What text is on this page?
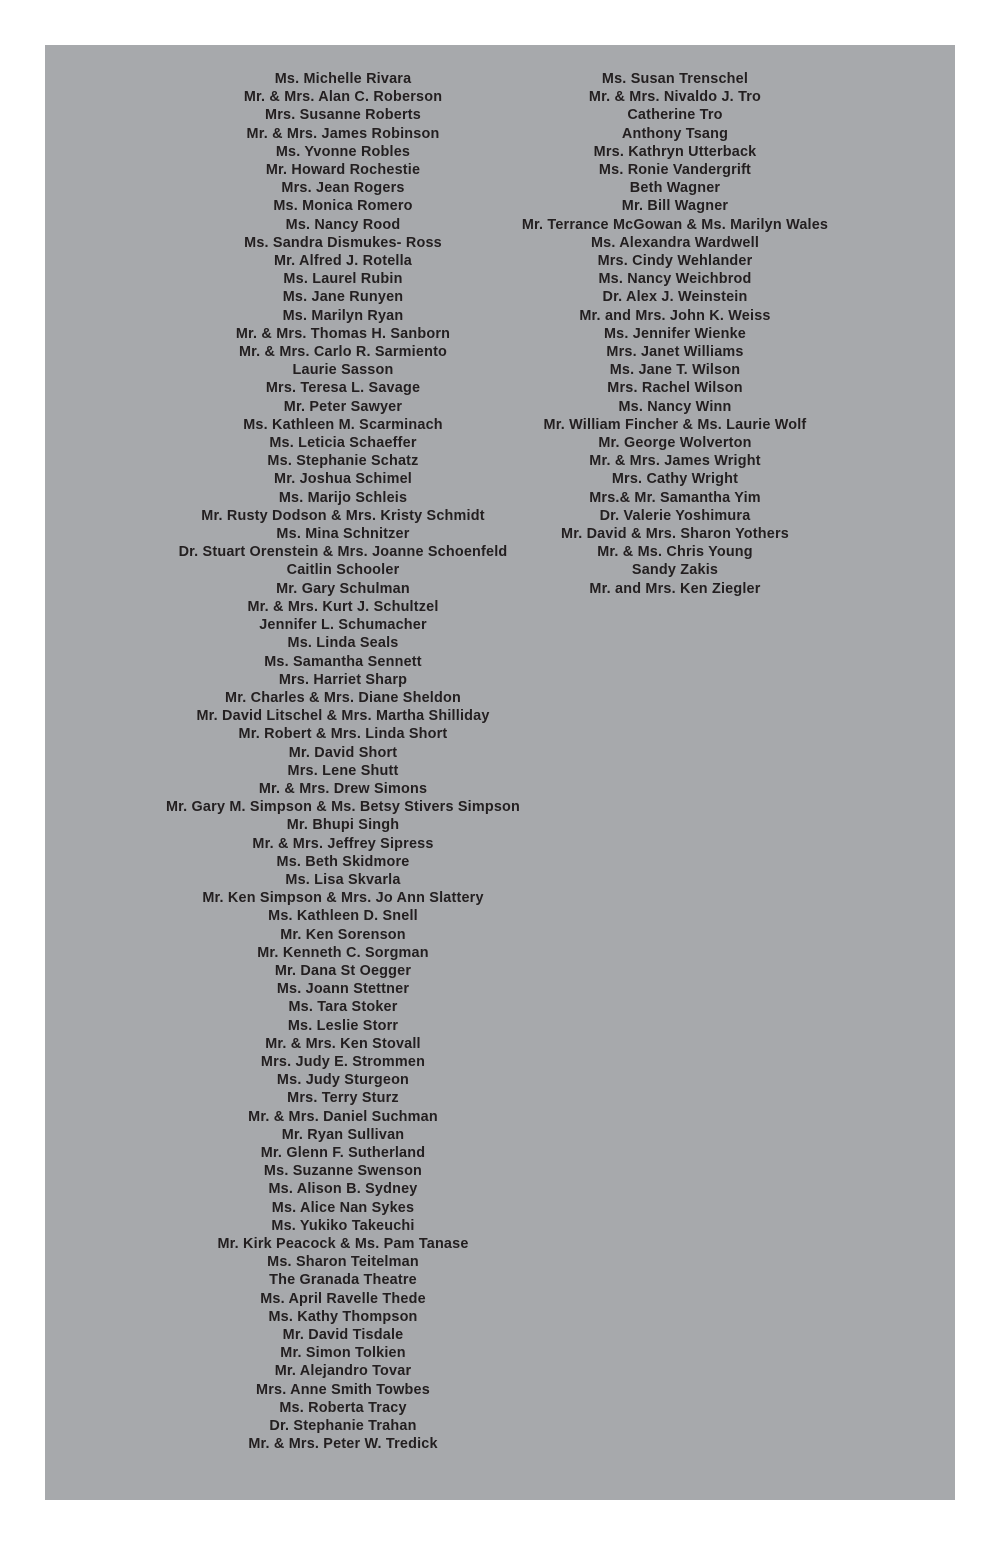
Ms. Michelle Rivara
Mr. & Mrs. Alan C. Roberson
Mrs. Susanne Roberts
Mr. & Mrs. James Robinson
Ms. Yvonne Robles
Mr. Howard Rochestie
Mrs. Jean Rogers
Ms. Monica Romero
Ms. Nancy Rood
Ms. Sandra Dismukes- Ross
Mr. Alfred J. Rotella
Ms. Laurel Rubin
Ms. Jane Runyen
Ms. Marilyn Ryan
Mr. & Mrs. Thomas H. Sanborn
Mr. & Mrs. Carlo R. Sarmiento
Laurie Sasson
Mrs. Teresa L. Savage
Mr. Peter Sawyer
Ms. Kathleen M. Scarminach
Ms. Leticia Schaeffer
Ms. Stephanie Schatz
Mr. Joshua Schimel
Ms. Marijo Schleis
Mr. Rusty Dodson & Mrs. Kristy Schmidt
Ms. Mina Schnitzer
Dr. Stuart Orenstein & Mrs. Joanne Schoenfeld
Caitlin Schooler
Mr. Gary Schulman
Mr. & Mrs. Kurt J. Schultzel
Jennifer L. Schumacher
Ms. Linda Seals
Ms. Samantha Sennett
Mrs. Harriet Sharp
Mr. Charles & Mrs. Diane Sheldon
Mr. David Litschel & Mrs. Martha Shilliday
Mr. Robert & Mrs. Linda Short
Mr. David Short
Mrs. Lene Shutt
Mr. & Mrs. Drew Simons
Mr. Gary M. Simpson & Ms. Betsy Stivers Simpson
Mr. Bhupi Singh
Mr. & Mrs. Jeffrey Sipress
Ms. Beth Skidmore
Ms. Lisa Skvarla
Mr. Ken Simpson & Mrs. Jo Ann Slattery
Ms. Kathleen D. Snell
Mr. Ken Sorenson
Mr. Kenneth C. Sorgman
Mr. Dana St Oegger
Ms. Joann Stettner
Ms. Tara Stoker
Ms. Leslie Storr
Mr. & Mrs. Ken Stovall
Mrs. Judy E. Strommen
Ms. Judy Sturgeon
Mrs. Terry Sturz
Mr. & Mrs. Daniel Suchman
Mr. Ryan Sullivan
Mr. Glenn F. Sutherland
Ms. Suzanne Swenson
Ms. Alison B. Sydney
Ms. Alice Nan Sykes
Ms. Yukiko Takeuchi
Mr. Kirk Peacock & Ms. Pam Tanase
Ms. Sharon Teitelman
The Granada Theatre
Ms. April Ravelle Thede
Ms. Kathy Thompson
Mr. David Tisdale
Mr. Simon Tolkien
Mr. Alejandro Tovar
Mrs. Anne Smith Towbes
Ms. Roberta Tracy
Dr. Stephanie Trahan
Mr. & Mrs. Peter W. Tredick
Ms. Susan Trenschel
Mr. & Mrs. Nivaldo J. Tro
Catherine Tro
Anthony Tsang
Mrs. Kathryn Utterback
Ms. Ronie Vandergrift
Beth Wagner
Mr. Bill Wagner
Mr. Terrance McGowan & Ms. Marilyn Wales
Ms. Alexandra Wardwell
Mrs. Cindy Wehlander
Ms. Nancy Weichbrod
Dr. Alex J. Weinstein
Mr. and Mrs. John K. Weiss
Ms. Jennifer Wienke
Mrs. Janet Williams
Ms. Jane T. Wilson
Mrs. Rachel Wilson
Ms. Nancy Winn
Mr. William Fincher & Ms. Laurie Wolf
Mr. George Wolverton
Mr. & Mrs. James Wright
Mrs. Cathy Wright
Mrs.& Mr. Samantha Yim
Dr. Valerie Yoshimura
Mr. David & Mrs. Sharon Yothers
Mr. & Ms. Chris Young
Sandy Zakis
Mr. and Mrs. Ken Ziegler
